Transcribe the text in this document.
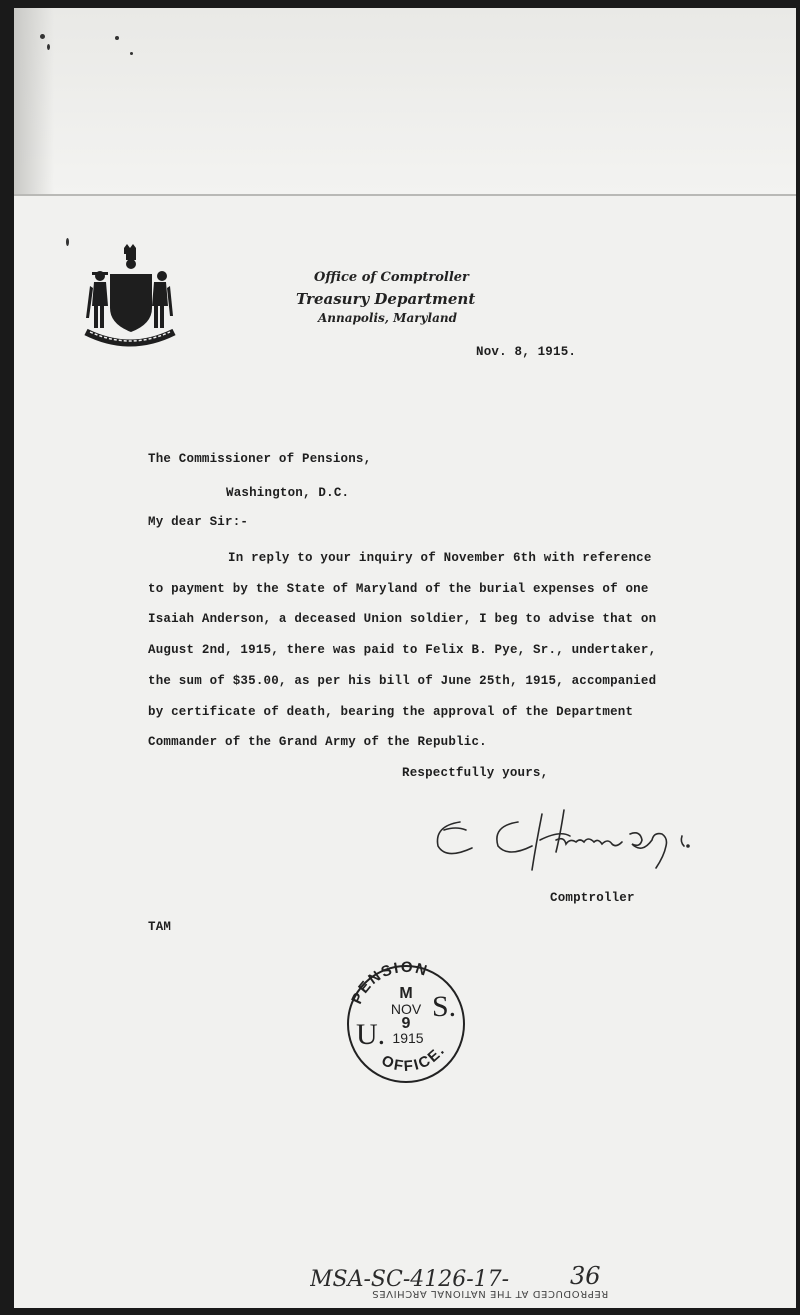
Office of Comptroller
Treasury Department
Annapolis, Maryland
Nov. 8, 1915.
The Commissioner of Pensions,
Washington, D.C.
My dear Sir:-
In reply to your inquiry of November 6th with reference
to payment by the State of Maryland of the burial expenses of one
Isaiah Anderson, a deceased Union soldier, I beg to advise that on
August 2nd, 1915, there was paid to Felix B. Pye, Sr., undertaker,
the sum of $35.00, as per his bill of June 25th, 1915, accompanied
by certificate of death, bearing the approval of the Department
Commander of the Grand Army of the Republic.
Respectfully yours,
Comptroller
TAM
PENSION
OFFICE.
M
NOV
9
1915
U.
S.
MSA-SC-4126-17-	36
REPRODUCED AT THE NATIONAL ARCHIVES
